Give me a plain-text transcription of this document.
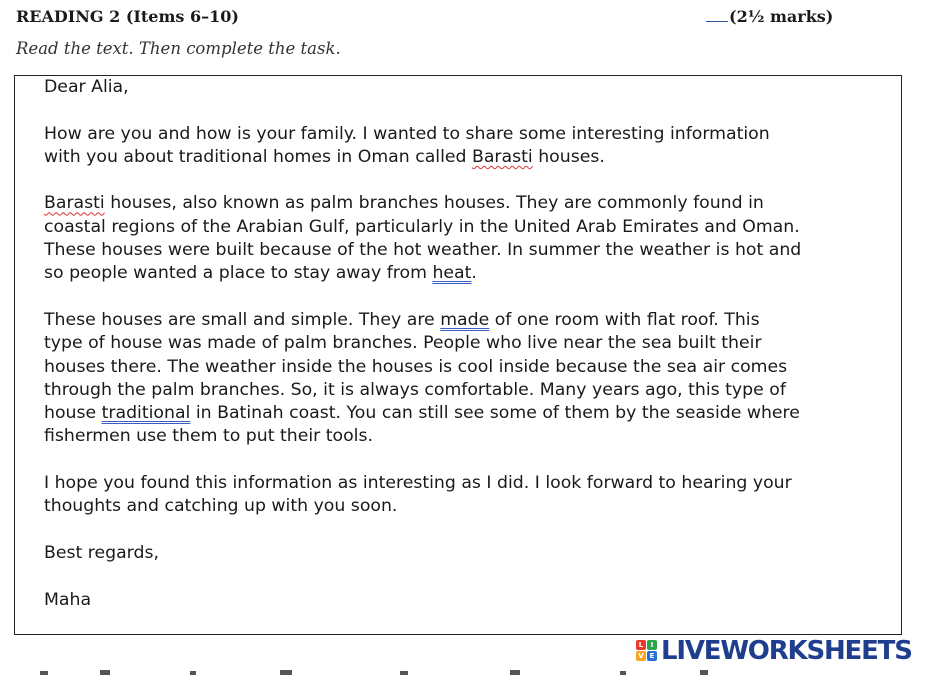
READING 2 (Items 6–10)	(2½ marks)
Read the text. Then complete the task.
Dear Alia,

How are you and how is your family. I wanted to share some interesting information
with you about traditional homes in Oman called Barasti houses.

Barasti houses, also known as palm branches houses. They are commonly found in
coastal regions of the Arabian Gulf, particularly in the United Arab Emirates and Oman.
These houses were built because of the hot weather. In summer the weather is hot and
so people wanted a place to stay away from heat.

These houses are small and simple. They are made of one room with flat roof. This
type of house was made of palm branches. People who live near the sea built their
houses there. The weather inside the houses is cool inside because the sea air comes
through the palm branches. So, it is always comfortable. Many years ago, this type of
house traditional in Batinah coast. You can still see some of them by the seaside where
fishermen use them to put their tools.

I hope you found this information as interesting as I did. I look forward to hearing your
thoughts and catching up with you soon.

Best regards,

Maha
L	I
V E LIVEWORKSHEETS
